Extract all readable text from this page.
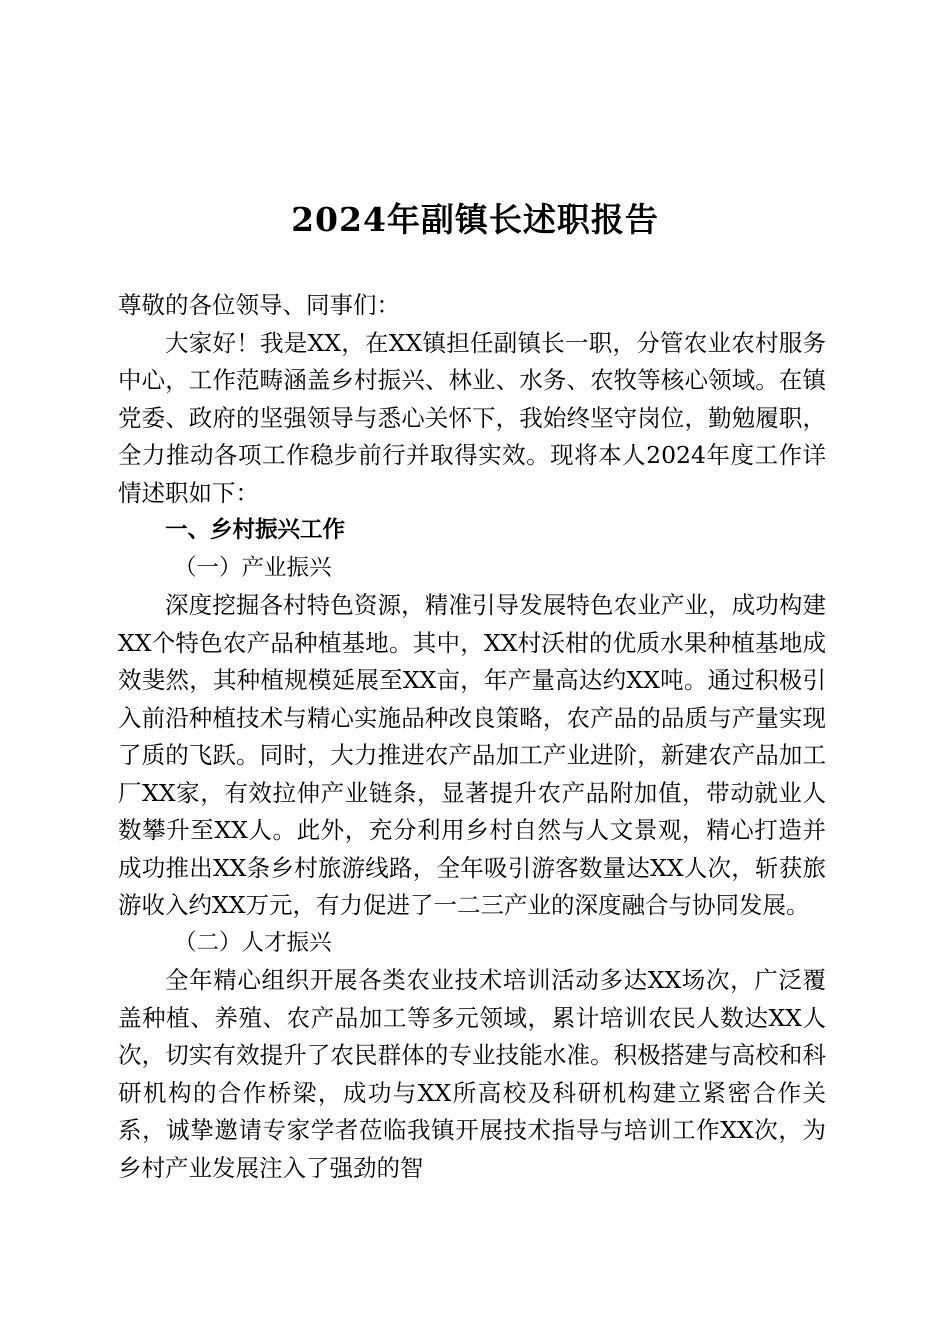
2024年副镇长述职报告

尊敬的各位领导、同事们：

大家好！我是XX，在XX镇担任副镇长一职，分管农业农村服务中心，工作范畴涵盖乡村振兴、林业、水务、农牧等核心领域。在镇党委、政府的坚强领导与悉心关怀下，我始终坚守岗位，勤勉履职，全力推动各项工作稳步前行并取得实效。现将本人2024年度工作详情述职如下：

一、乡村振兴工作

（一）产业振兴

深度挖掘各村特色资源，精准引导发展特色农业产业，成功构建XX个特色农产品种植基地。其中，XX村沃柑的优质水果种植基地成效斐然，其种植规模延展至XX亩，年产量高达约XX吨。通过积极引入前沿种植技术与精心实施品种改良策略，农产品的品质与产量实现了质的飞跃。同时，大力推进农产品加工产业进阶，新建农产品加工厂XX家，有效拉伸产业链条，显著提升农产品附加值，带动就业人数攀升至XX人。此外，充分利用乡村自然与人文景观，精心打造并成功推出XX条乡村旅游线路，全年吸引游客数量达XX人次，斩获旅游收入约XX万元，有力促进了一二三产业的深度融合与协同发展。

（二）人才振兴

全年精心组织开展各类农业技术培训活动多达XX场次，广泛覆盖种植、养殖、农产品加工等多元领域，累计培训农民人数达XX人次，切实有效提升了农民群体的专业技能水准。积极搭建与高校和科研机构的合作桥梁，成功与XX所高校及科研机构建立紧密合作关系，诚挚邀请专家学者莅临我镇开展技术指导与培训工作XX次，为乡村产业发展注入了强劲的智
